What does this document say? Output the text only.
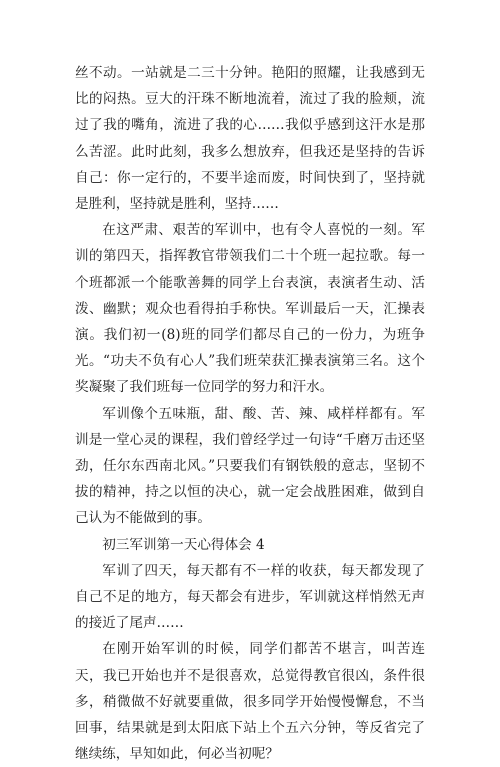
丝不动。一站就是二三十分钟。艳阳的照耀，让我感到无比的闷热。豆大的汗珠不断地流着，流过了我的脸颊，流过了我的嘴角，流进了我的心……我似乎感到这汗水是那么苦涩。此时此刻，我多么想放弃，但我还是坚持的告诉自己：你一定行的，不要半途而废，时间快到了，坚持就是胜利，坚持就是胜利，坚持……

在这严肃、艰苦的军训中，也有令人喜悦的一刻。军训的第四天，指挥教官带领我们二十个班一起拉歌。每一个班都派一个能歌善舞的同学上台表演，表演者生动、活泼、幽默；观众也看得拍手称快。军训最后一天，汇操表演。我们初一(8)班的同学们都尽自己的一份力，为班争光。“功夫不负有心人”我们班荣获汇操表演第三名。这个奖凝聚了我们班每一位同学的努力和汗水。

军训像个五味瓶，甜、酸、苦、辣、咸样样都有。军训是一堂心灵的课程，我们曾经学过一句诗“千磨万击还坚劲，任尔东西南北风。”只要我们有钢铁般的意志，坚韧不拔的精神，持之以恒的决心，就一定会战胜困难，做到自己认为不能做到的事。

初三军训第一天心得体会 4

军训了四天，每天都有不一样的收获，每天都发现了自己不足的地方，每天都会有进步，军训就这样悄然无声的接近了尾声……

在刚开始军训的时候，同学们都苦不堪言，叫苦连天，我已开始也并不是很喜欢，总觉得教官很凶，条件很多，稍微做不好就要重做，很多同学开始慢慢懈怠，不当回事，结果就是到太阳底下站上个五六分钟，等反省完了继续练，早知如此，何必当初呢？
